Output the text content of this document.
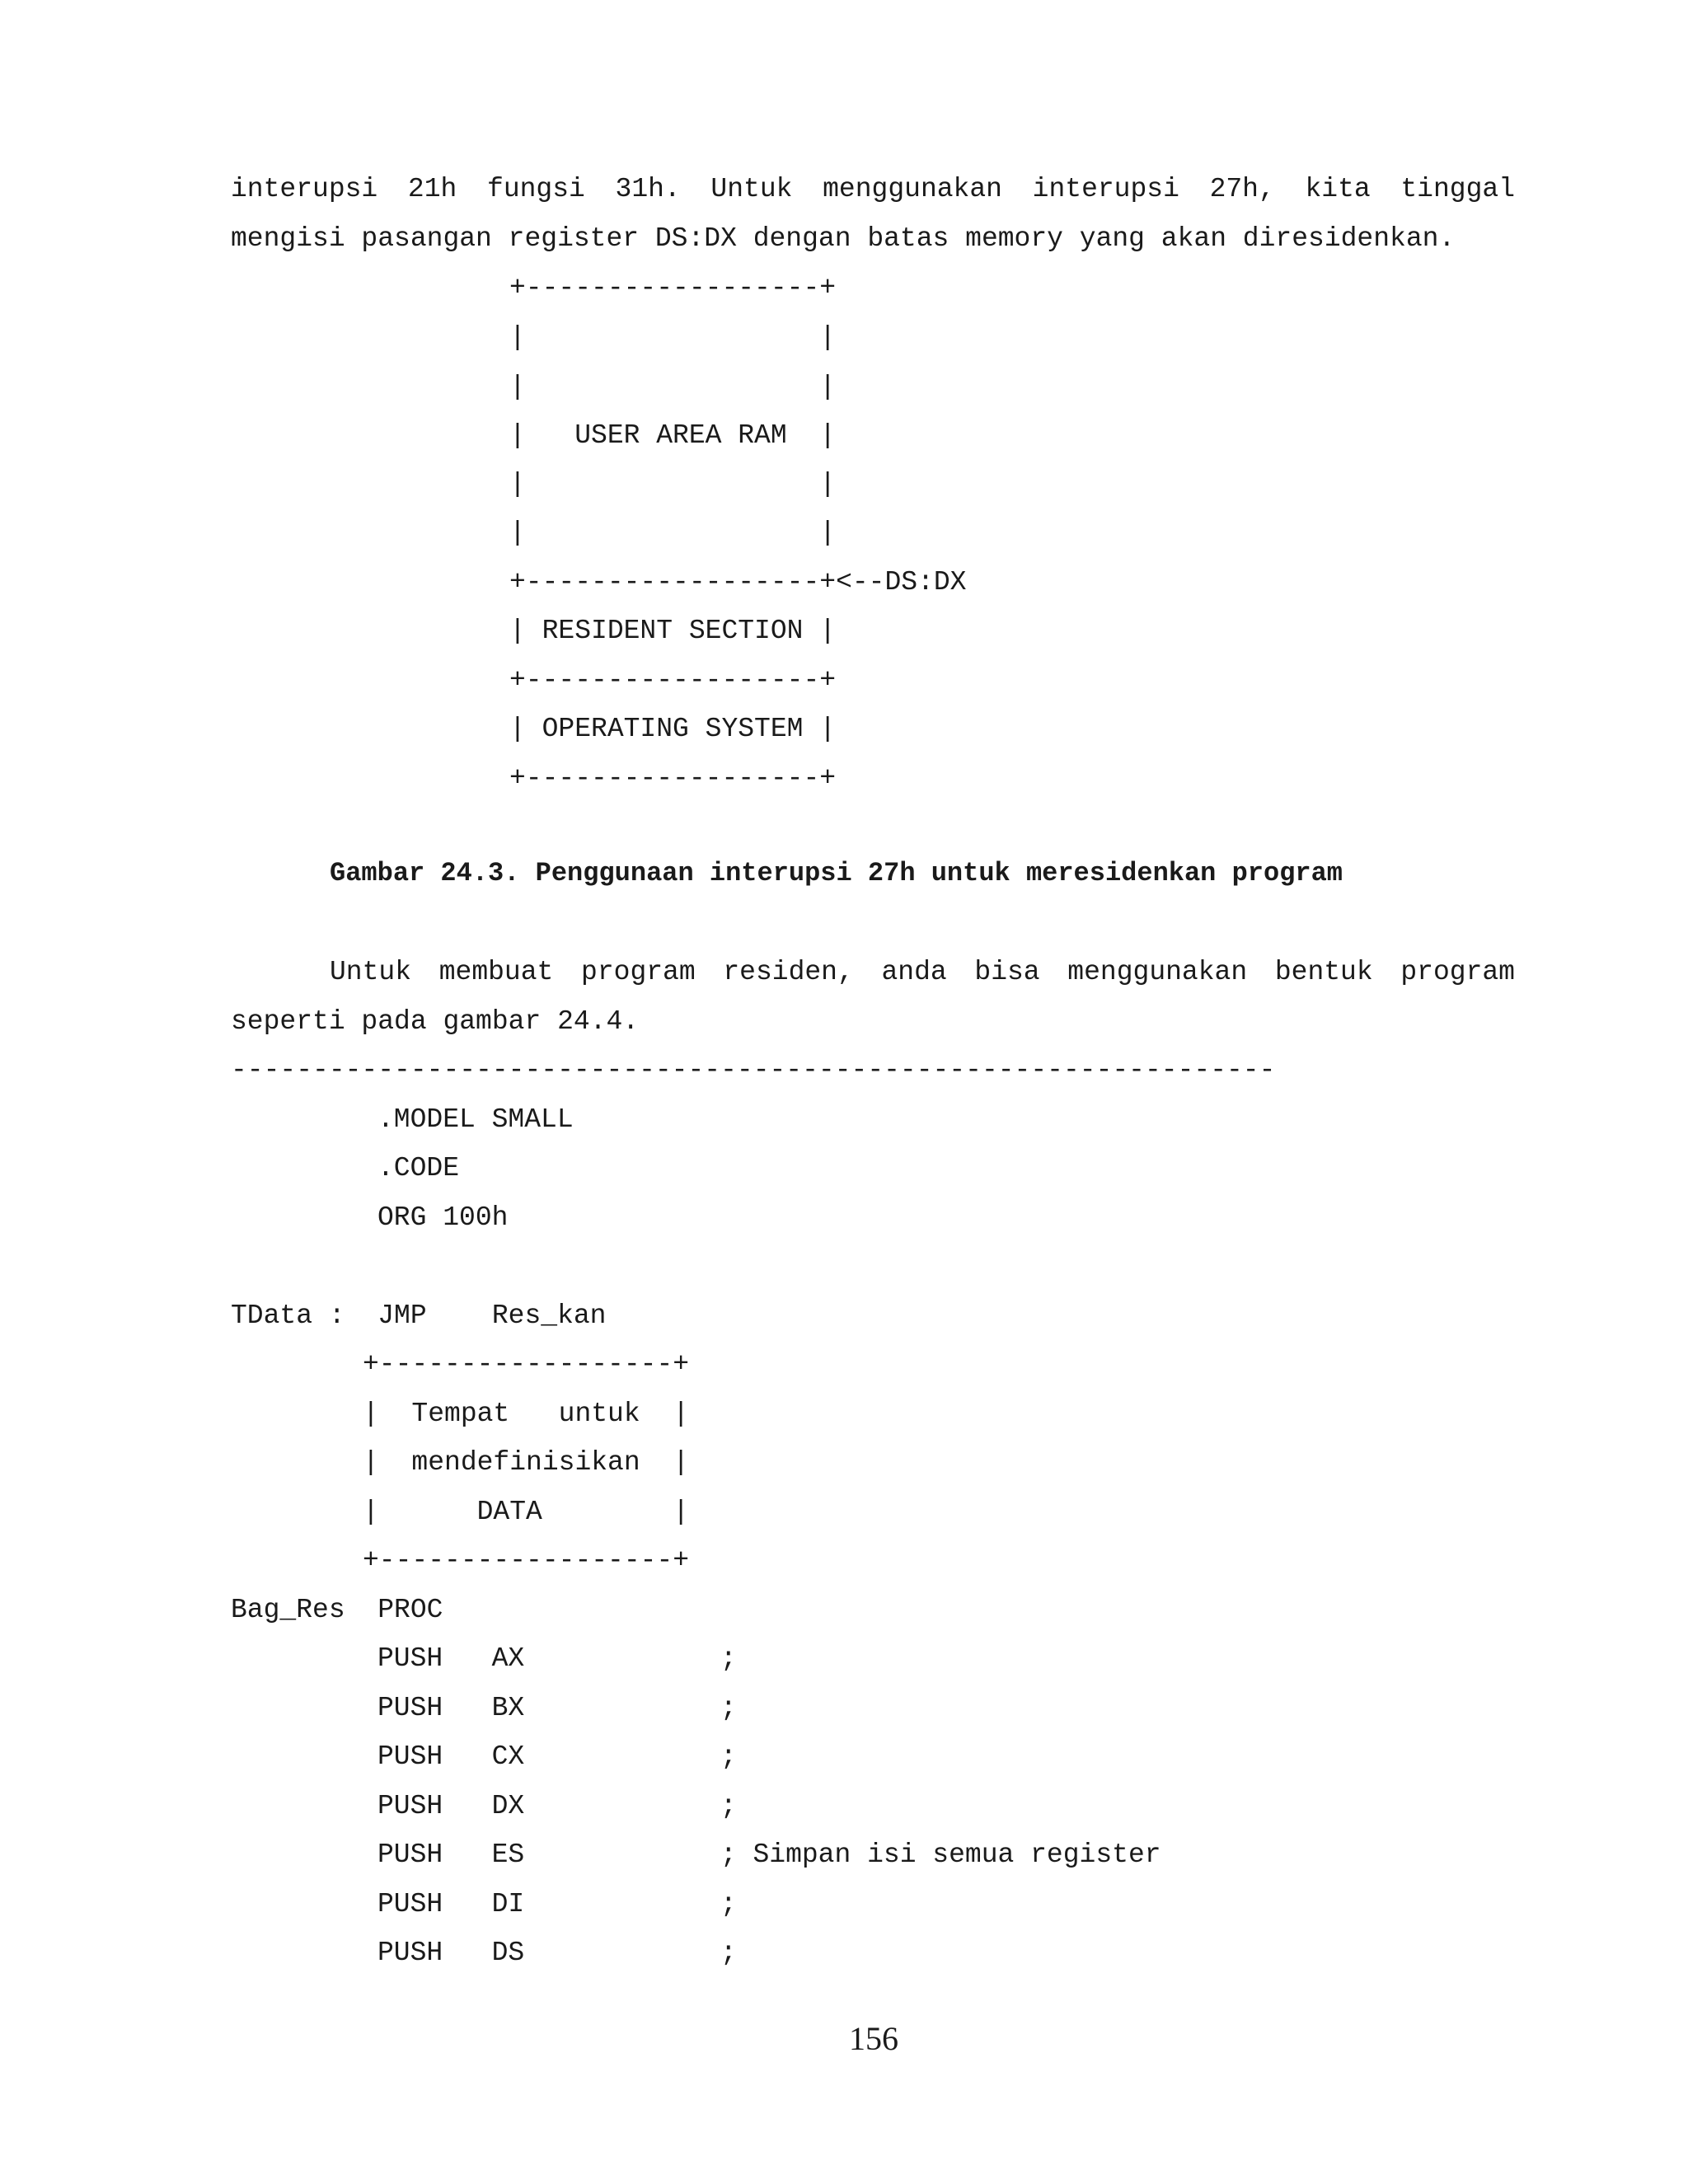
interupsi 21h fungsi 31h. Untuk menggunakan interupsi 27h, kita tinggal
mengisi pasangan register DS:DX dengan batas memory yang akan diresidenkan.
+------------------+
|                  |
|                  |
|   USER AREA RAM  |
|                  |
|                  |
+------------------+<--DS:DX
| RESIDENT SECTION |
+------------------+
| OPERATING SYSTEM |
+------------------+
Gambar 24.3. Penggunaan interupsi 27h untuk meresidenkan program
Untuk membuat program residen, anda bisa menggunakan bentuk program
seperti pada gambar 24.4.
----------------------------------------------------------------
.MODEL SMALL
.CODE
ORG 100h
TData :  JMP    Res_kan
+------------------+
|  Tempat   untuk  |
|  mendefinisikan  |
|      DATA        |
+------------------+
Bag_Res  PROC
PUSH   AX            ;
PUSH   BX            ;
PUSH   CX            ;
PUSH   DX            ;
PUSH   ES            ; Simpan isi semua register
PUSH   DI            ;
PUSH   DS            ;
156
